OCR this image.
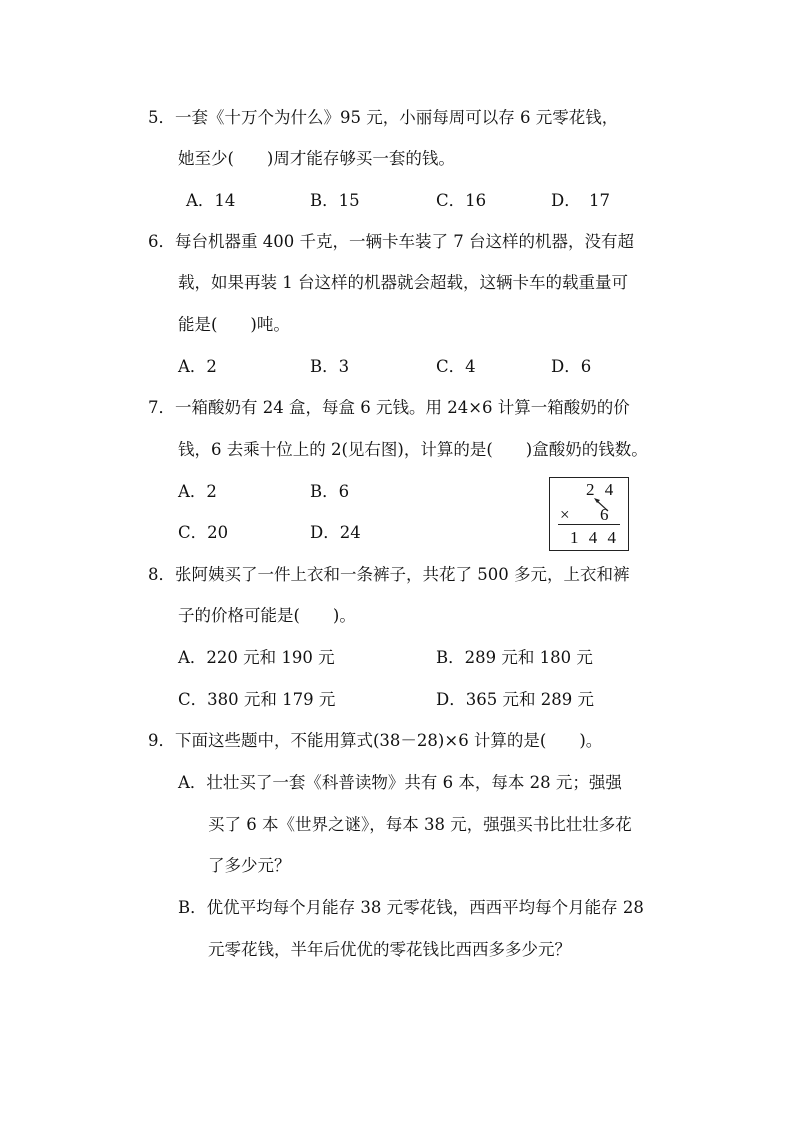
5．一套《十万个为什么》95 元，小丽每周可以存 6 元零花钱，
她至少(　　)周才能存够买一套的钱。
A．14	B．15	C．16	D．　17
6．每台机器重 400 千克，一辆卡车装了 7 台这样的机器，没有超
载，如果再装 1 台这样的机器就会超载，这辆卡车的载重量可
能是(　　)吨。
A．2	B．3	C．4	D．6
7．一箱酸奶有 24 盒，每盒 6 元钱。用 24×6 计算一箱酸奶的价
钱，6 去乘十位上的 2(见右图)，计算的是(　　)盒酸奶的钱数。
A．2	B．6
C．20	D．24
2 4
× 6
1 4 4
8．张阿姨买了一件上衣和一条裤子，共花了 500 多元，上衣和裤
子的价格可能是(　　)。
A．220 元和 190 元	B．289 元和 180 元
C．380 元和 179 元	D．365 元和 289 元
9．下面这些题中，不能用算式(38－28)×6 计算的是(　　)。
A．壮壮买了一套《科普读物》共有 6 本，每本 28 元；强强
买了 6 本《世界之谜》，每本 38 元，强强买书比壮壮多花
了多少元？
B．优优平均每个月能存 38 元零花钱，西西平均每个月能存 28
元零花钱，半年后优优的零花钱比西西多多少元？
